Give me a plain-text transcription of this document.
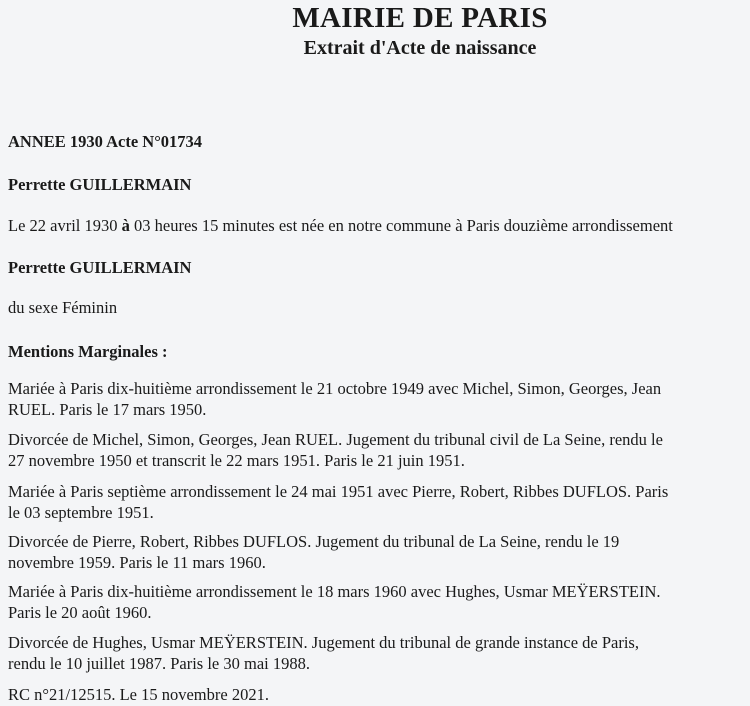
MAIRIE DE PARIS
Extrait d'Acte de naissance
ANNEE 1930 Acte N°01734
Perrette GUILLERMAIN
Le 22 avril 1930 à 03 heures 15 minutes est née en notre commune à Paris douzième arrondissement
Perrette GUILLERMAIN
du sexe Féminin
Mentions Marginales :
Mariée à Paris dix-huitième arrondissement le 21 octobre 1949 avec Michel, Simon, Georges, Jean
RUEL. Paris le 17 mars 1950.
Divorcée de Michel, Simon, Georges, Jean RUEL. Jugement du tribunal civil de La Seine, rendu le
27 novembre 1950 et transcrit le 22 mars 1951. Paris le 21 juin 1951.
Mariée à Paris septième arrondissement le 24 mai 1951 avec Pierre, Robert, Ribbes DUFLOS. Paris
le 03 septembre 1951.
Divorcée de Pierre, Robert, Ribbes DUFLOS. Jugement du tribunal de La Seine, rendu le 19
novembre 1959. Paris le 11 mars 1960.
Mariée à Paris dix-huitième arrondissement le 18 mars 1960 avec Hughes, Usmar MEŸERSTEIN.
Paris le 20 août 1960.
Divorcée de Hughes, Usmar MEŸERSTEIN. Jugement du tribunal de grande instance de Paris,
rendu le 10 juillet 1987. Paris le 30 mai 1988.
RC n°21/12515. Le 15 novembre 2021.
